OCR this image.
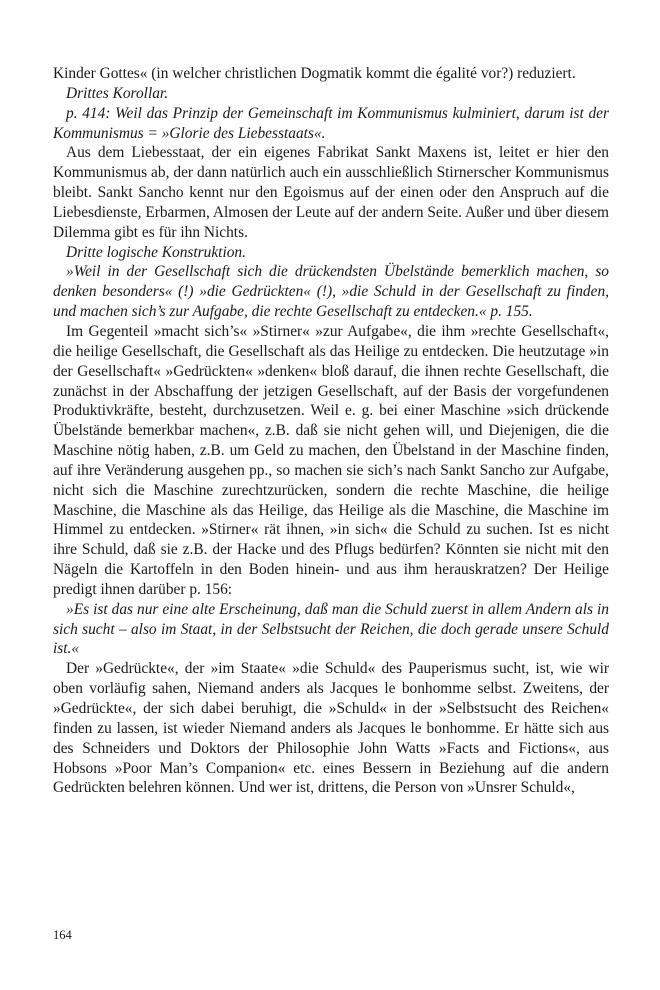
Kinder Gottes« (in welcher christlichen Dogmatik kommt die égalité vor?) reduziert.

Drittes Korollar.

p. 414: Weil das Prinzip der Gemeinschaft im Kommunismus kulminiert, darum ist der Kommunismus = »Glorie des Liebesstaats«.

Aus dem Liebesstaat, der ein eigenes Fabrikat Sankt Maxens ist, leitet er hier den Kommunismus ab, der dann natürlich auch ein ausschließlich Stirnerscher Kommunismus bleibt. Sankt Sancho kennt nur den Egoismus auf der einen oder den Anspruch auf die Liebesdienste, Erbarmen, Almosen der Leute auf der andern Seite. Außer und über diesem Dilemma gibt es für ihn Nichts.

Dritte logische Konstruktion.

»Weil in der Gesellschaft sich die drückendsten Übelstände bemerklich machen, so denken besonders« (!) »die Gedrückten« (!), »die Schuld in der Gesellschaft zu finden, und machen sich’s zur Aufgabe, die rechte Gesellschaft zu entdecken.« p. 155.

Im Gegenteil »macht sich’s« »Stirner« »zur Aufgabe«, die ihm »rechte Gesellschaft«, die heilige Gesellschaft, die Gesellschaft als das Heilige zu entdecken. Die heutzutage »in der Gesellschaft« »Gedrückten« »denken« bloß darauf, die ihnen rechte Gesellschaft, die zunächst in der Abschaffung der jetzigen Gesellschaft, auf der Basis der vorgefundenen Produktivkräfte, besteht, durchzusetzen. Weil e. g. bei einer Maschine »sich drückende Übelstände bemerkbar machen«, z.B. daß sie nicht gehen will, und Diejenigen, die die Maschine nötig haben, z.B. um Geld zu machen, den Übelstand in der Maschine finden, auf ihre Veränderung ausgehen pp., so machen sie sich’s nach Sankt Sancho zur Aufgabe, nicht sich die Maschine zurechtzurücken, sondern die rechte Maschine, die heilige Maschine, die Maschine als das Heilige, das Heilige als die Maschine, die Maschine im Himmel zu entdecken. »Stirner« rät ihnen, »in sich« die Schuld zu suchen. Ist es nicht ihre Schuld, daß sie z.B. der Hacke und des Pflugs bedürfen? Könnten sie nicht mit den Nägeln die Kartoffeln in den Boden hinein- und aus ihm herauskratzen? Der Heilige predigt ihnen darüber p. 156:

»Es ist das nur eine alte Erscheinung, daß man die Schuld zuerst in allem Andern als in sich sucht – also im Staat, in der Selbstsucht der Reichen, die doch gerade unsere Schuld ist.«

Der »Gedrückte«, der »im Staate« »die Schuld« des Pauperismus sucht, ist, wie wir oben vorläufig sahen, Niemand anders als Jacques le bonhomme selbst. Zweitens, der »Gedrückte«, der sich dabei beruhigt, die »Schuld« in der »Selbstsucht des Reichen« finden zu lassen, ist wieder Niemand anders als Jacques le bonhomme. Er hätte sich aus des Schneiders und Doktors der Philosophie John Watts »Facts and Fictions«, aus Hobsons »Poor Man’s Companion« etc. eines Bessern in Beziehung auf die andern Gedrückten belehren können. Und wer ist, drittens, die Person von »Unsrer Schuld«,

164
